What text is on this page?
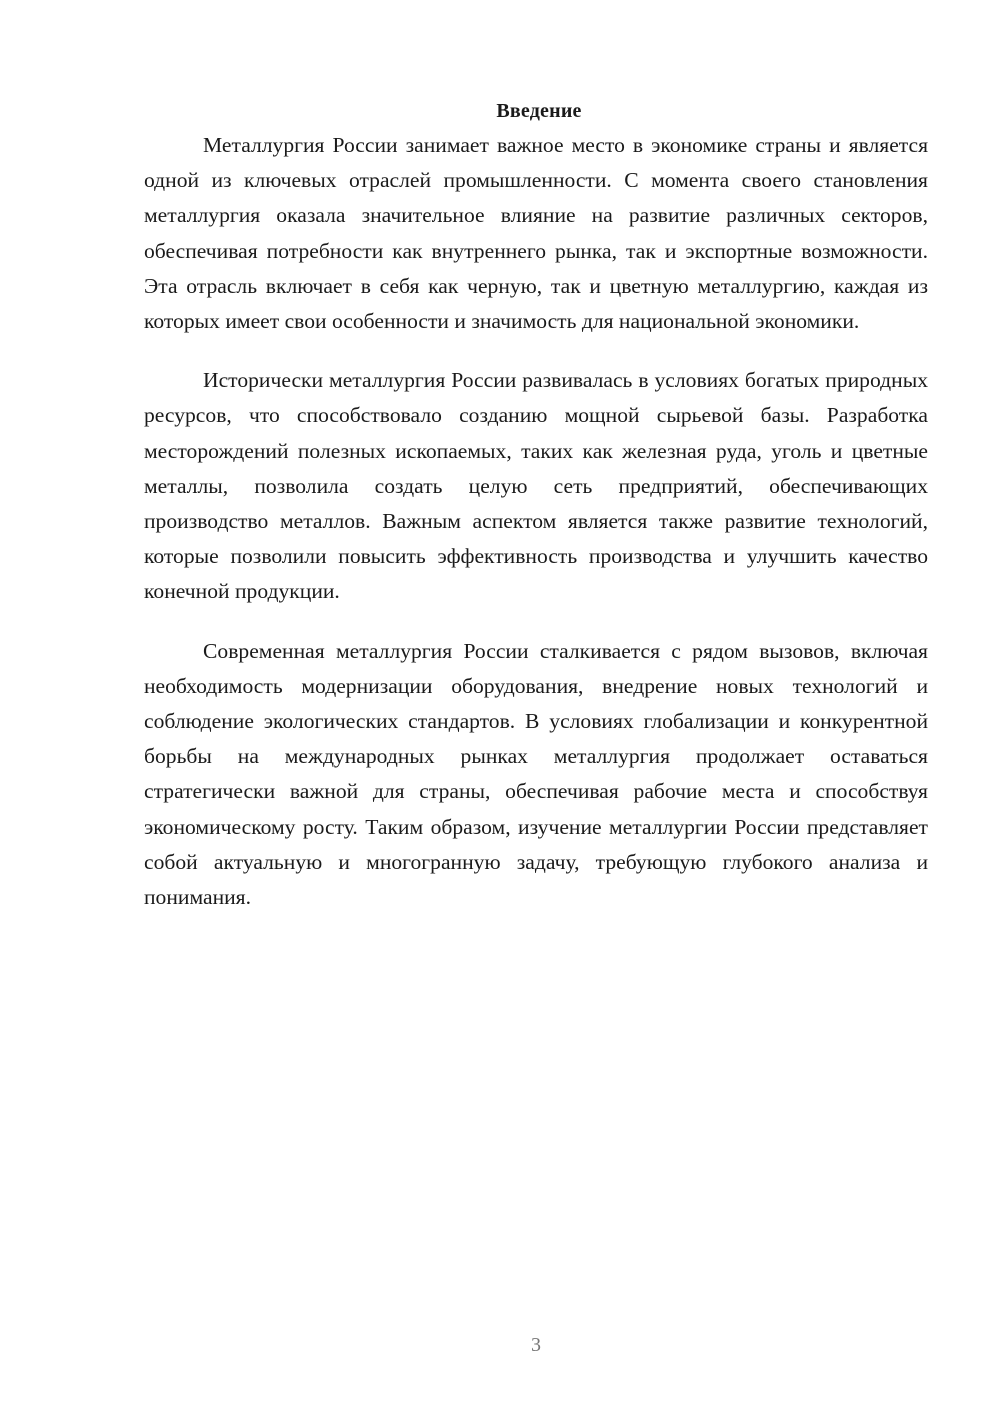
Введение

Металлургия России занимает важное место в экономике страны и является одной из ключевых отраслей промышленности. С момента своего становления металлургия оказала значительное влияние на развитие различных секторов, обеспечивая потребности как внутреннего рынка, так и экспортные возможности. Эта отрасль включает в себя как черную, так и цветную металлургию, каждая из которых имеет свои особенности и значимость для национальной экономики.

Исторически металлургия России развивалась в условиях богатых природных ресурсов, что способствовало созданию мощной сырьевой базы. Разработка месторождений полезных ископаемых, таких как железная руда, уголь и цветные металлы, позволила создать целую сеть предприятий, обеспечивающих производство металлов. Важным аспектом является также развитие технологий, которые позволили повысить эффективность производства и улучшить качество конечной продукции.

Современная металлургия России сталкивается с рядом вызовов, включая необходимость модернизации оборудования, внедрение новых технологий и соблюдение экологических стандартов. В условиях глобализации и конкурентной борьбы на международных рынках металлургия продолжает оставаться стратегически важной для страны, обеспечивая рабочие места и способствуя экономическому росту. Таким образом, изучение металлургии России представляет собой актуальную и многогранную задачу, требующую глубокого анализа и понимания.

3
